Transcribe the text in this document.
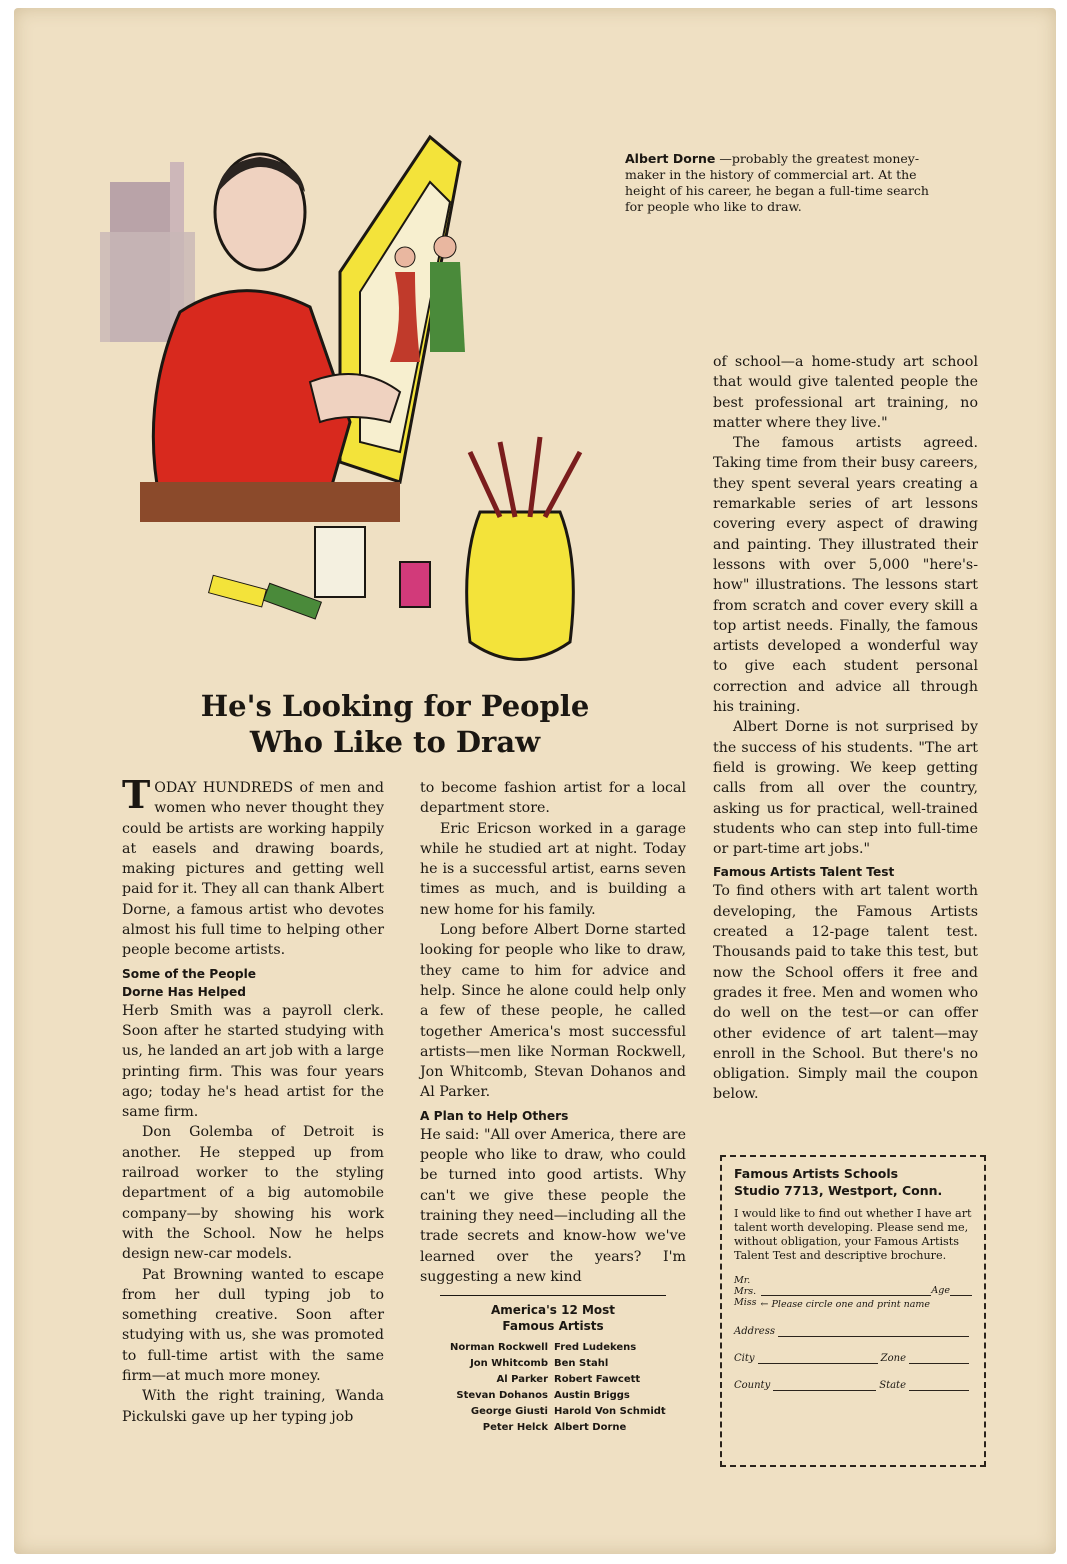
Albert Dorne —probably the greatest money-maker in the history of commercial art. At the height of his career, he began a full-time search for people who like to draw.
He's Looking for People
Who Like to Draw

TODAY HUNDREDS of men and women who never thought they could be artists are working happily at easels and drawing boards, making pictures and getting well paid for it. They all can thank Albert Dorne, a famous artist who devotes almost his full time to helping other people become artists.

Some of the People
Dorne Has Helped

Herb Smith was a payroll clerk. Soon after he started studying with us, he landed an art job with a large printing firm. This was four years ago; today he's head artist for the same firm.

Don Golemba of Detroit is another. He stepped up from railroad worker to the styling department of a big automobile company—by showing his work with the School. Now he helps design new-car models.

Pat Browning wanted to escape from her dull typing job to something creative. Soon after studying with us, she was promoted to full-time artist with the same firm—at much more money.

With the right training, Wanda Pickulski gave up her typing job

to become fashion artist for a local department store.

Eric Ericson worked in a garage while he studied art at night. Today he is a successful artist, earns seven times as much, and is building a new home for his family.

Long before Albert Dorne started looking for people who like to draw, they came to him for advice and help. Since he alone could help only a few of these people, he called together America's most successful artists—men like Norman Rockwell, Jon Whitcomb, Stevan Dohanos and Al Parker.

A Plan to Help Others

He said: "All over America, there are people who like to draw, who could be turned into good artists. Why can't we give these people the training they need—including all the trade secrets and know-how we've learned over the years? I'm suggesting a new kind

America's 12 Most
Famous Artists
Norman Rockwell Fred Ludekens
Jon Whitcomb Ben Stahl
Al Parker Robert Fawcett
Stevan Dohanos Austin Briggs
George Giusti Harold Von Schmidt
Peter Helck Albert Dorne

of school—a home-study art school that would give talented people the best professional art training, no matter where they live."

The famous artists agreed. Taking time from their busy careers, they spent several years creating a remarkable series of art lessons covering every aspect of drawing and painting. They illustrated their lessons with over 5,000 "here's-how" illustrations. The lessons start from scratch and cover every skill a top artist needs. Finally, the famous artists developed a wonderful way to give each student personal correction and advice all through his training.

Albert Dorne is not surprised by the success of his students. "The art field is growing. We keep getting calls from all over the country, asking us for practical, well-trained students who can step into full-time or part-time art jobs."

Famous Artists Talent Test

To find others with art talent worth developing, the Famous Artists created a 12-page talent test. Thousands paid to take this test, but now the School offers it free and grades it free. Men and women who do well on the test—or can offer other evidence of art talent—may enroll in the School. But there's no obligation. Simply mail the coupon below.

Famous Artists Schools
Studio 7713, Westport, Conn.
I would like to find out whether I have art talent worth developing. Please send me, without obligation, your Famous Artists Talent Test and descriptive brochure.
Mr.
Mrs.
Miss
Age
← Please circle one and print name
Address
City	Zone
County	State
